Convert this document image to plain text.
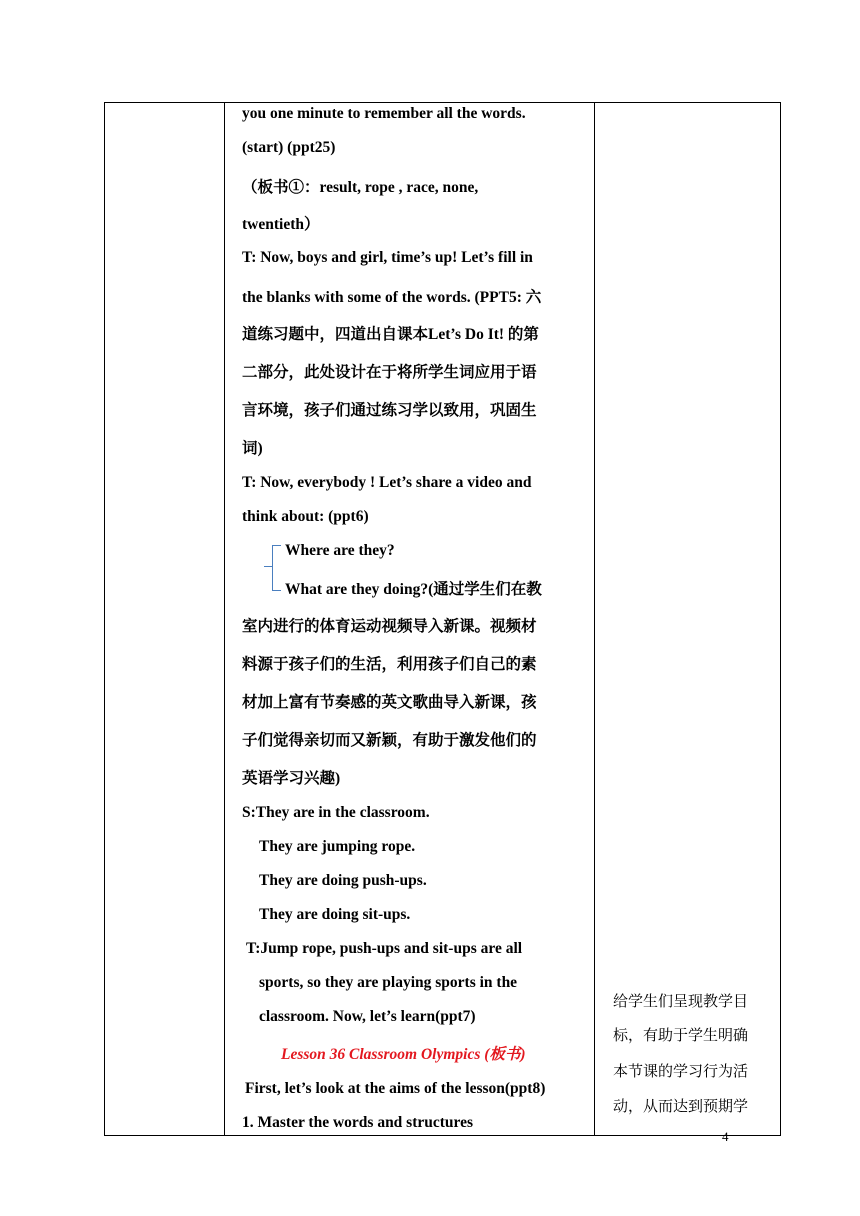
you one minute to remember all the words.
(start) (ppt25)
（板书①：result, rope , race, none,
twentieth）
T: Now, boys and girl, time’s up! Let’s fill in
the blanks with some of the words. (PPT5: 六
道练习题中，四道出自课本Let’s Do It! 的第
二部分，此处设计在于将所学生词应用于语
言环境，孩子们通过练习学以致用，巩固生
词)
T: Now, everybody ! Let’s share a video and
think about: (ppt6)
Where are they?
What are they doing?(通过学生们在教
室内进行的体育运动视频导入新课。视频材
料源于孩子们的生活，利用孩子们自己的素
材加上富有节奏感的英文歌曲导入新课，孩
子们觉得亲切而又新颖，有助于激发他们的
英语学习兴趣)
S:They are in the classroom.
They are jumping rope.
They are doing push-ups.
They are doing sit-ups.
T:Jump rope, push-ups and sit-ups are all
sports, so they are playing sports in the
classroom. Now, let’s learn(ppt7)
Lesson 36 Classroom Olympics (板书)
First, let’s look at the aims of the lesson(ppt8)
1. Master the words and structures
给学生们呈现教学目
标，有助于学生明确
本节课的学习行为活
动，从而达到预期学
4
